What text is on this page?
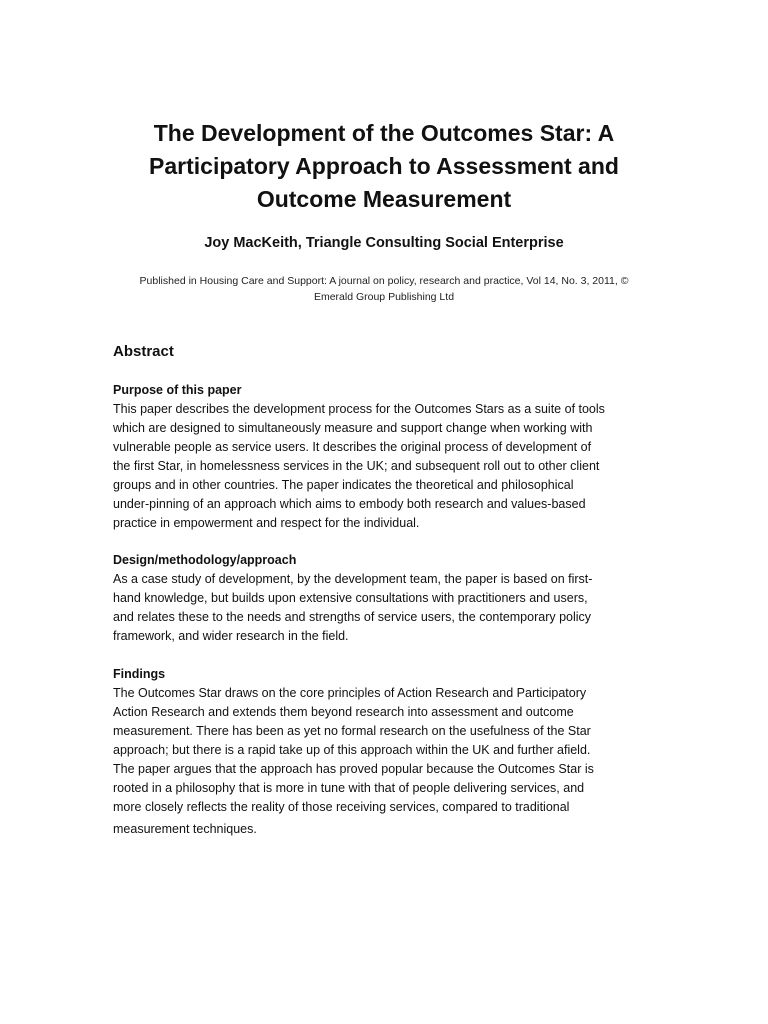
The Development of the Outcomes Star: A
Participatory Approach to Assessment and
Outcome Measurement
Joy MacKeith, Triangle Consulting Social Enterprise
Published in Housing Care and Support: A journal on policy, research and practice, Vol 14, No. 3, 2011, ©
Emerald Group Publishing Ltd
Abstract

Purpose of this paper

This paper describes the development process for the Outcomes Stars as a suite of tools
which are designed to simultaneously measure and support change when working with
vulnerable people as service users. It describes the original process of development of
the first Star, in homelessness services in the UK; and subsequent roll out to other client
groups and in other countries. The paper indicates the theoretical and philosophical
under-pinning of an approach which aims to embody both research and values-based
practice in empowerment and respect for the individual.

Design/methodology/approach

As a case study of development, by the development team, the paper is based on first-
hand knowledge, but builds upon extensive consultations with practitioners and users,
and relates these to the needs and strengths of service users, the contemporary policy
framework, and wider research in the field.

Findings

The Outcomes Star draws on the core principles of Action Research and Participatory
Action Research and extends them beyond research into assessment and outcome
measurement. There has been as yet no formal research on the usefulness of the Star
approach; but there is a rapid take up of this approach within the UK and further afield.
The paper argues that the approach has proved popular because the Outcomes Star is
rooted in a philosophy that is more in tune with that of people delivering services, and
more closely reflects the reality of those receiving services, compared to traditional
measurement techniques.
